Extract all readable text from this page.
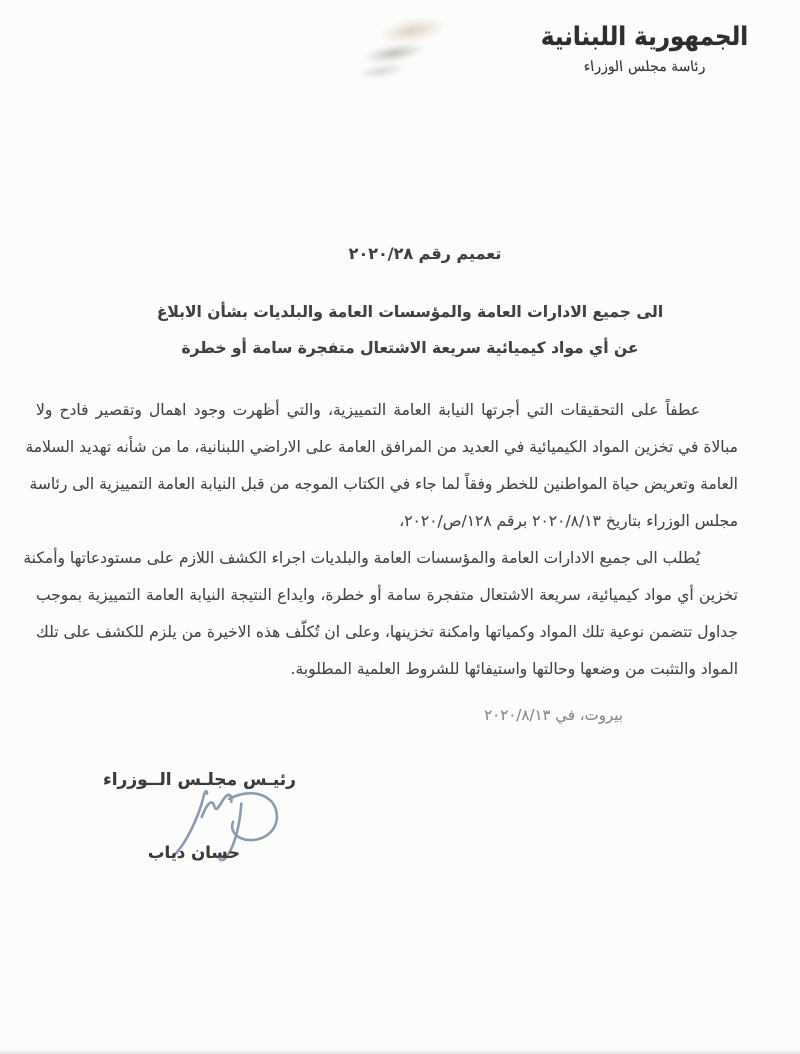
الجمهورية اللبنانية
رئاسة مجلس الوزراء
تعميم رقم ٢٠٢٠/٢٨
الى جميع الادارات العامة والمؤسسات العامة والبلديات بشأن الابلاغ
عن أي مواد كيميائية سريعة الاشتعال متفجرة سامة أو خطرة
عطفاً على التحقيقات التي أجرتها النيابة العامة التمييزية، والتي أظهرت وجود اهمال وتقصير فادح ولا
مبالاة في تخزين المواد الكيميائية في العديد من المرافق العامة على الاراضي اللبنانية، ما من شأنه تهديد السلامة
العامة وتعريض حياة المواطنين للخطر وفقاً لما جاء في الكتاب الموجه من قبل النيابة العامة التمييزية الى رئاسة
مجلس الوزراء بتاريخ ٢٠٢٠/٨/١٣ برقم ١٢٨/ص/٢٠٢٠،
يُطلب الى جميع الادارات العامة والمؤسسات العامة والبلديات اجراء الكشف اللازم على مستودعاتها وأمكنة
تخزين أي مواد كيميائية، سريعة الاشتعال متفجرة سامة أو خطرة، وايداع النتيجة النيابة العامة التمييزية بموجب
جداول تتضمن نوعية تلك المواد وكمياتها وامكنة تخزينها، وعلى ان تُكلّف هذه الاخيرة من يلزم للكشف على تلك
المواد والتثبت من وضعها وحالتها واستيفائها للشروط العلمية المطلوبة.
بيروت، في ٢٠٢٠/٨/١٣
رئيـس مجلـس الــوزراء
حسان دياب
